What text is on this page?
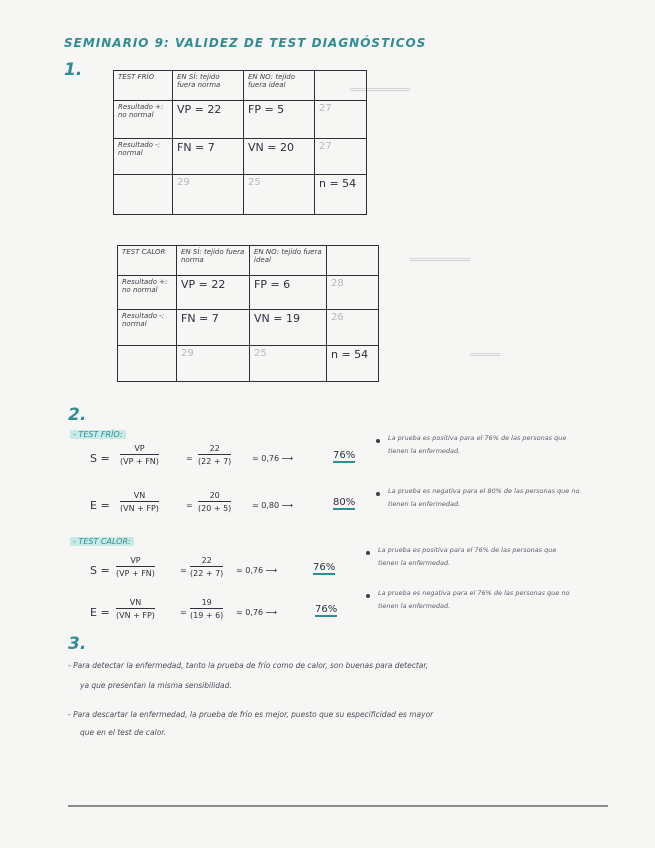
══════════
══════════
═════
SEMINARIO 9: VALIDEZ DE TEST DIAGNÓSTICOS
1.	TEST FRÍO	EN SÍ: tejido fuera norma	EN NO: tejido fuera ideal	
Resultado +: no normal	VP = 22	FP = 5	27
Resultado -: normal	FN = 7	VN = 20	27
	29	25	n = 54
TEST CALOR	EN SÍ: tejido fuera norma	EN NO: tejido fuera ideal	
Resultado +: no normal	VP = 22	FP = 6	28
Resultado -: normal	FN = 7	VN = 19	26
	29	25	n = 54
2.
- TEST FRÍO:
$S = \frac{VP}{(VP + FN)}$	= $\frac{22}{(22 + 7)}$	= 0,76 ⟶	76%
La prueba es positiva para el 76% de las personas que tienen la enfermedad.
$E = \frac{VN}{(VN + FP)}$	= $\frac{20}{(20 + 5)}$	= 0,80 ⟶	80%
La prueba es negativa para el 80% de las personas que no tienen la enfermedad.
- TEST CALOR:
$S = \frac{VP}{(VP + FN)}$	= $\frac{22}{(22 + 7)} = 0,76$ ⟶	76%
La prueba es positiva para el 76% de las personas que tienen la enfermedad.
$E = \frac{VN}{(VN + FP)}$	= $\frac{19}{(19 + 6)} = 0,76$ ⟶	76%
La prueba es negativa para el 76% de las personas que no tienen la enfermedad.
3.
- Para detectar la enfermedad, tanto la prueba de frío como de calor, son buenas para detectar,
ya que presentan la misma sensibilidad.
- Para descartar la enfermedad, la prueba de frío es mejor, puesto que su especificidad es mayor
que en el test de calor.
